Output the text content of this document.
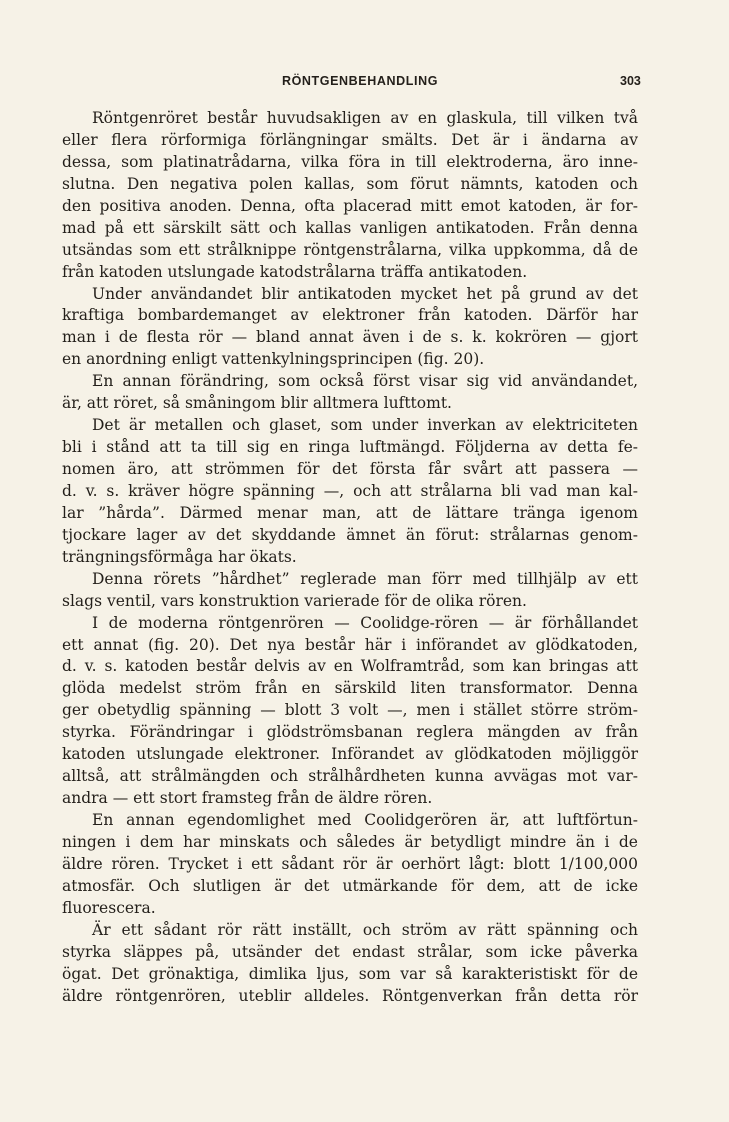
RÖNTGENBEHANDLING	303
Röntgenröret består huvudsakligen av en glaskula, till vilken två
eller flera rörformiga förlängningar smälts. Det är i ändarna av
dessa, som platinatrådarna, vilka föra in till elektroderna, äro inne-
slutna. Den negativa polen kallas, som förut nämnts, katoden och
den positiva anoden. Denna, ofta placerad mitt emot katoden, är for-
mad på ett särskilt sätt och kallas vanligen antikatoden. Från denna
utsändas som ett strålknippe röntgenstrålarna, vilka uppkomma, då de
från katoden utslungade katodstrålarna träffa antikatoden.
Under användandet blir antikatoden mycket het på grund av det
kraftiga bombardemanget av elektroner från katoden. Därför har
man i de flesta rör — bland annat även i de s. k. kokrören — gjort
en anordning enligt vattenkylningsprincipen (fig. 20).
En annan förändring, som också först visar sig vid användandet,
är, att röret, så småningom blir alltmera lufttomt.
Det är metallen och glaset, som under inverkan av elektriciteten
bli i stånd att ta till sig en ringa luftmängd. Följderna av detta fe-
nomen äro, att strömmen för det första får svårt att passera —
d. v. s. kräver högre spänning —, och att strålarna bli vad man kal-
lar ”hårda”. Därmed menar man, att de lättare tränga igenom
tjockare lager av det skyddande ämnet än förut: strålarnas genom-
trängningsförmåga har ökats.
Denna rörets ”hårdhet” reglerade man förr med tillhjälp av ett
slags ventil, vars konstruktion varierade för de olika rören.
I de moderna röntgenrören — Coolidge-rören — är förhållandet
ett annat (fig. 20). Det nya består här i införandet av glödkatoden,
d. v. s. katoden består delvis av en Wolframtråd, som kan bringas att
glöda medelst ström från en särskild liten transformator. Denna
ger obetydlig spänning — blott 3 volt —, men i stället större ström-
styrka. Förändringar i glödströmsbanan reglera mängden av från
katoden utslungade elektroner. Införandet av glödkatoden möjliggör
alltså, att strålmängden och strålhårdheten kunna avvägas mot var-
andra — ett stort framsteg från de äldre rören.
En annan egendomlighet med Coolidgerören är, att luftförtun-
ningen i dem har minskats och således är betydligt mindre än i de
äldre rören. Trycket i ett sådant rör är oerhört lågt: blott 1/100,000
atmosfär. Och slutligen är det utmärkande för dem, att de icke
fluorescera.
Är ett sådant rör rätt inställt, och ström av rätt spänning och
styrka släppes på, utsänder det endast strålar, som icke påverka
ögat. Det grönaktiga, dimlika ljus, som var så karakteristiskt för de
äldre röntgenrören, uteblir alldeles. Röntgenverkan från detta rör
